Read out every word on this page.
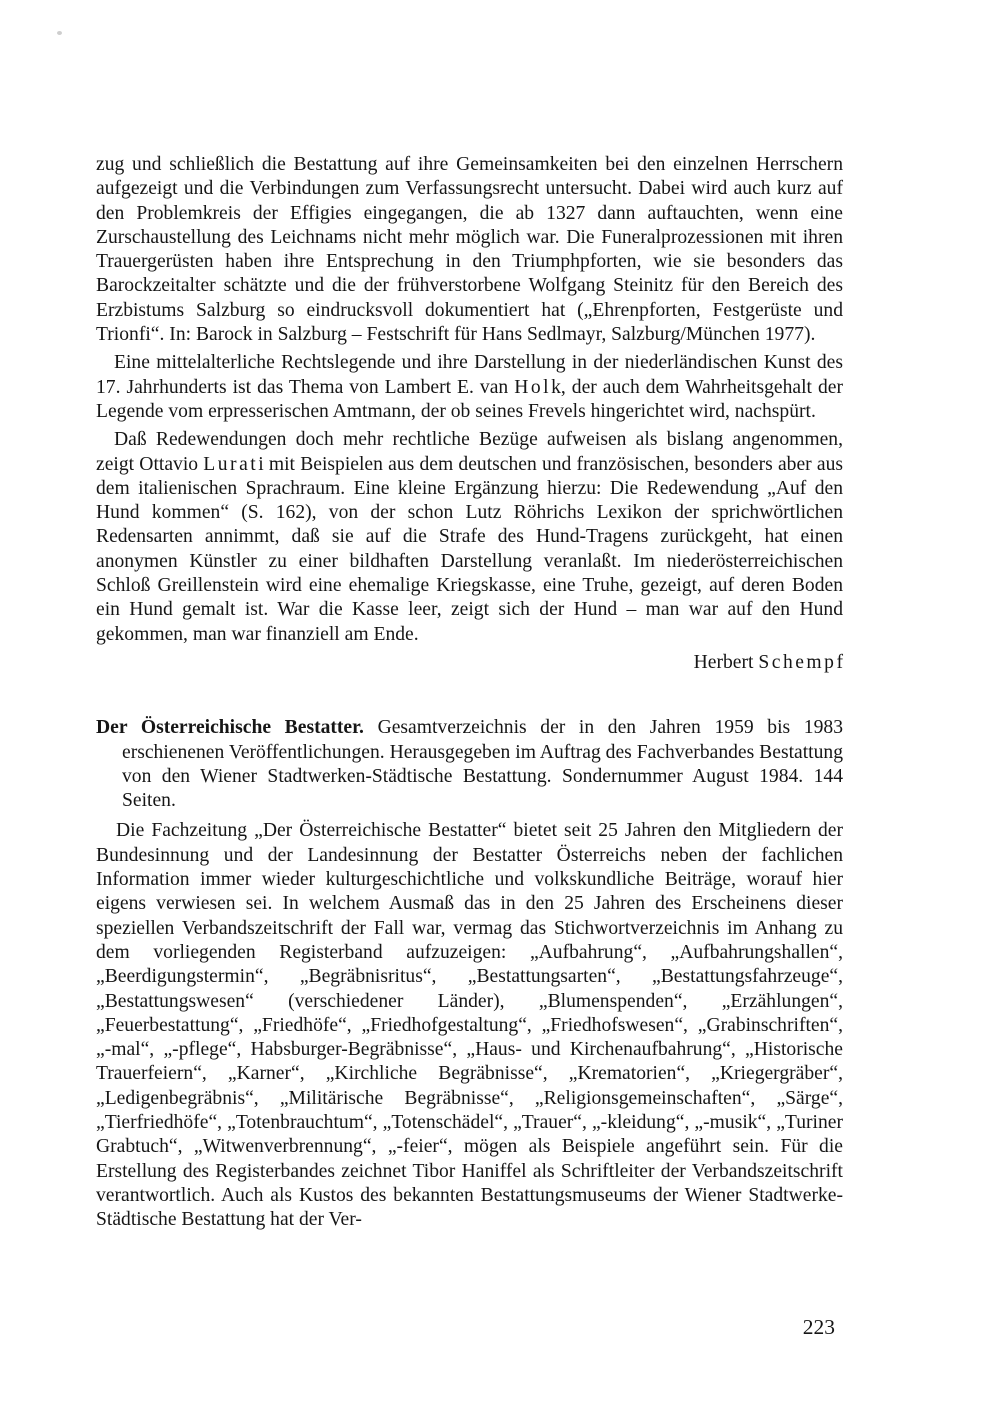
zug und schließlich die Bestattung auf ihre Gemeinsamkeiten bei den einzelnen Herrschern aufgezeigt und die Verbindungen zum Verfassungsrecht untersucht. Dabei wird auch kurz auf den Problemkreis der Effigies eingegangen, die ab 1327 dann auftauchten, wenn eine Zurschaustellung des Leichnams nicht mehr möglich war. Die Funeralprozessionen mit ihren Trauergerüsten haben ihre Entsprechung in den Triumphpforten, wie sie besonders das Barockzeitalter schätzte und die der frühverstorbene Wolfgang Steinitz für den Bereich des Erzbistums Salzburg so eindrucksvoll dokumentiert hat („Ehrenpforten, Festgerüste und Trionfi“. In: Barock in Salzburg – Festschrift für Hans Sedlmayr, Salzburg/München 1977).

Eine mittelalterliche Rechtslegende und ihre Darstellung in der niederländischen Kunst des 17. Jahrhunderts ist das Thema von Lambert E. van Holk, der auch dem Wahrheitsgehalt der Legende vom erpresserischen Amtmann, der ob seines Frevels hingerichtet wird, nachspürt.

Daß Redewendungen doch mehr rechtliche Bezüge aufweisen als bislang angenommen, zeigt Ottavio Lurati mit Beispielen aus dem deutschen und französischen, besonders aber aus dem italienischen Sprachraum. Eine kleine Ergänzung hierzu: Die Redewendung „Auf den Hund kommen“ (S. 162), von der schon Lutz Röhrichs Lexikon der sprichwörtlichen Redensarten annimmt, daß sie auf die Strafe des Hund-Tragens zurückgeht, hat einen anonymen Künstler zu einer bildhaften Darstellung veranlaßt. Im niederösterreichischen Schloß Greillenstein wird eine ehemalige Kriegskasse, eine Truhe, gezeigt, auf deren Boden ein Hund gemalt ist. War die Kasse leer, zeigt sich der Hund – man war auf den Hund gekommen, man war finanziell am Ende.

Herbert Schempf

Der Österreichische Bestatter. Gesamtverzeichnis der in den Jahren 1959 bis 1983 erschienenen Veröffentlichungen. Herausgegeben im Auftrag des Fachverbandes Bestattung von den Wiener Stadtwerken-Städtische Bestattung. Sondernummer August 1984. 144 Seiten.

Die Fachzeitung „Der Österreichische Bestatter“ bietet seit 25 Jahren den Mitgliedern der Bundesinnung und der Landesinnung der Bestatter Österreichs neben der fachlichen Information immer wieder kulturgeschichtliche und volkskundliche Beiträge, worauf hier eigens verwiesen sei. In welchem Ausmaß das in den 25 Jahren des Erscheinens dieser speziellen Verbandszeitschrift der Fall war, vermag das Stichwortverzeichnis im Anhang zu dem vorliegenden Registerband aufzuzeigen: „Aufbahrung“, „Aufbahrungshallen“, „Beerdigungstermin“, „Begräbnisritus“, „Bestattungsarten“, „Bestattungsfahrzeuge“, „Bestattungswesen“ (verschiedener Länder), „Blumenspenden“, „Erzählungen“, „Feuerbestattung“, „Friedhöfe“, „Friedhofgestaltung“, „Friedhofswesen“, „Grabinschriften“, „-mal“, „-pflege“, Habsburger-Begräbnisse“, „Haus- und Kirchenaufbahrung“, „Historische Trauerfeiern“, „Karner“, „Kirchliche Begräbnisse“, „Krematorien“, „Kriegergräber“, „Ledigenbegräbnis“, „Militärische Begräbnisse“, „Religionsgemeinschaften“, „Särge“, „Tierfriedhöfe“, „Totenbrauchtum“, „Totenschädel“, „Trauer“, „-kleidung“, „-musik“, „Turiner Grabtuch“, „Witwenverbrennung“, „-feier“, mögen als Beispiele angeführt sein. Für die Erstellung des Registerbandes zeichnet Tibor Haniffel als Schriftleiter der Verbandszeitschrift verantwortlich. Auch als Kustos des bekannten Bestattungsmuseums der Wiener Stadtwerke-Städtische Bestattung hat der Ver-

223
